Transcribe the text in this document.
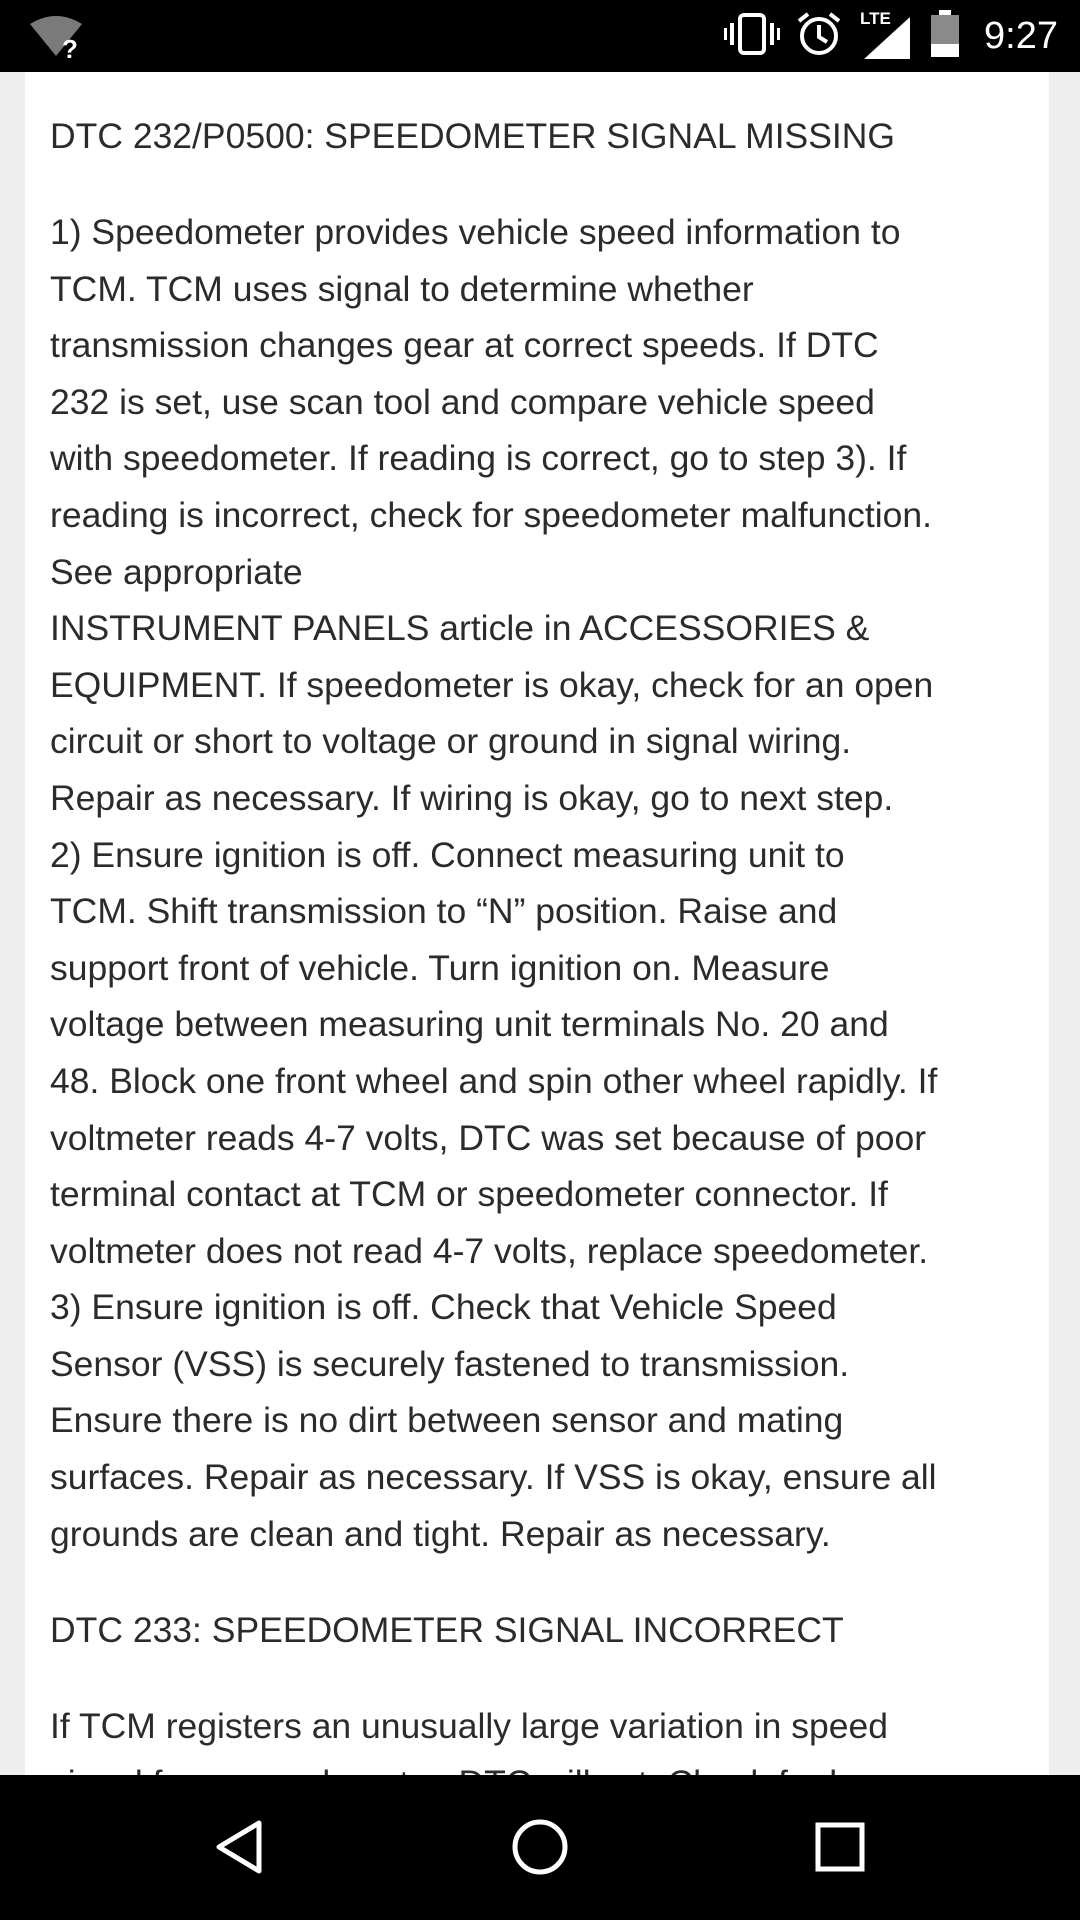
?
LTE 9:27
DTC 232/P0500: SPEEDOMETER SIGNAL MISSING
1) Speedometer provides vehicle speed information to
TCM. TCM uses signal to determine whether
transmission changes gear at correct speeds. If DTC
232 is set, use scan tool and compare vehicle speed
with speedometer. If reading is correct, go to step 3). If
reading is incorrect, check for speedometer malfunction.
See appropriate
INSTRUMENT PANELS article in ACCESSORIES &
EQUIPMENT. If speedometer is okay, check for an open
circuit or short to voltage or ground in signal wiring.
Repair as necessary. If wiring is okay, go to next step.
2) Ensure ignition is off. Connect measuring unit to
TCM. Shift transmission to “N” position. Raise and
support front of vehicle. Turn ignition on. Measure
voltage between measuring unit terminals No. 20 and
48. Block one front wheel and spin other wheel rapidly. If
voltmeter reads 4-7 volts, DTC was set because of poor
terminal contact at TCM or speedometer connector. If
voltmeter does not read 4-7 volts, replace speedometer.
3) Ensure ignition is off. Check that Vehicle Speed
Sensor (VSS) is securely fastened to transmission.
Ensure there is no dirt between sensor and mating
surfaces. Repair as necessary. If VSS is okay, ensure all
grounds are clean and tight. Repair as necessary.
DTC 233: SPEEDOMETER SIGNAL INCORRECT
If TCM registers an unusually large variation in speed
